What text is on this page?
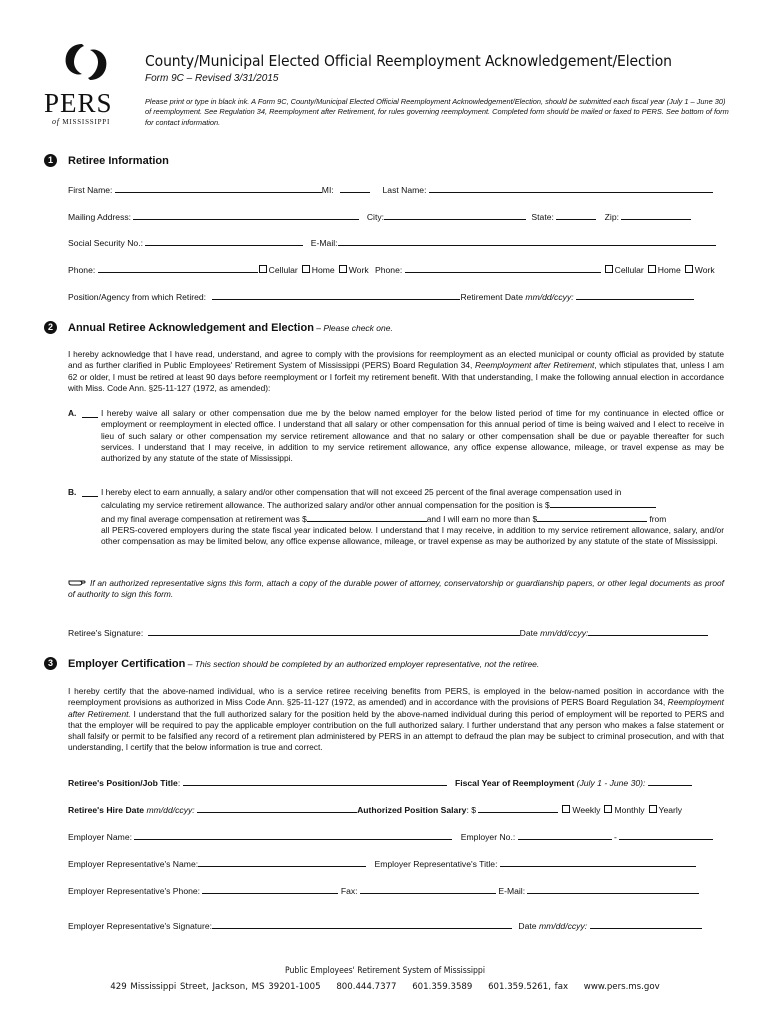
PERS
of MISSISSIPPI
County/Municipal Elected Official Reemployment Acknowledgement/Election
Form 9C – Revised 3/31/2015
Please print or type in black ink. A Form 9C, County/Municipal Elected Official Reemployment Acknowledgement/Election, should be submitted each fiscal year (July 1 – June 30) of reemployment. See Regulation 34, Reemployment after Retirement, for rules governing reemployment. Completed form should be mailed or faxed to PERS. See bottom of form for contact information.
1	Retiree Information
First Name:	MI:	Last Name:
Mailing Address:	City:	State:	Zip:
Social Security No.:	E-Mail:
Phone:	Cellular Home Work Phone:	Cellular Home Work
Position/Agency from which Retired:	Retirement Date mm/dd/ccyy:
2	Annual Retiree Acknowledgement and Election – Please check one.
I hereby acknowledge that I have read, understand, and agree to comply with the provisions for reemployment as an elected municipal or county official as provided by statute and as further clarified in Public Employees' Retirement System of Mississippi (PERS) Board Regulation 34, Reemployment after Retirement, which stipulates that, unless I am 62 or older, I must be retired at least 90 days before reemployment or I forfeit my retirement benefit. With that understanding, I make the following annual election in accordance with Miss. Code Ann. §25-11-127 (1972, as amended):
A.	I hereby waive all salary or other compensation due me by the below named employer for the below listed period of time for my continuance in elected office or employment or reemployment in elected office. I understand that all salary or other compensation for this annual period of time is being waived and I elect to receive in lieu of such salary or other compensation my service retirement allowance and that no salary or other compensation shall be due or payable thereafter for such services. I understand that I may receive, in addition to my service retirement allowance, any office expense allowance, mileage, or travel expense as may be authorized by any statute of the state of Mississippi.
B.	I hereby elect to earn annually, a salary and/or other compensation that will not exceed 25 percent of the final average compensation used in
calculating my service retirement allowance. The authorized salary and/or other annual compensation for the position is $
and my final average compensation at retirement was $	and I will earn no more than $	from
all PERS-covered employers during the state fiscal year indicated below. I understand that I may receive, in addition to my service retirement allowance, salary, and/or other compensation as may be limited below, any office expense allowance, mileage, or travel expense as may be authorized by any statute of the state of Mississippi.
If an authorized representative signs this form, attach a copy of the durable power of attorney, conservatorship or guardianship papers, or other legal documents as proof of authority to sign this form.
Retiree's Signature:	Date mm/dd/ccyy:
3	Employer Certification – This section should be completed by an authorized employer representative, not the retiree.
I hereby certify that the above-named individual, who is a service retiree receiving benefits from PERS, is employed in the below-named position in accordance with the reemployment provisions as authorized in Miss Code Ann. §25-11-127 (1972, as amended) and in accordance with the provisions of PERS Board Regulation 34, Reemployment after Retirement. I understand that the full authorized salary for the position held by the above-named individual during this period of employment will be reported to PERS and that the employer will be required to pay the applicable employer contribution on the full authorized salary. I further understand that any person who makes a false statement or shall falsify or permit to be falsified any record of a retirement plan administered by PERS in an attempt to defraud the plan may be subject to criminal prosecution, and with that understanding, I certify that the below information is true and correct.
Retiree's Position/Job Title:	Fiscal Year of Reemployment (July 1 - June 30):
Retiree's Hire Date mm/dd/ccyy:	Authorized Position Salary: $	Weekly Monthly Yearly
Employer Name:	Employer No.:	-
Employer Representative's Name:	Employer Representative's Title:
Employer Representative's Phone:	Fax:	E-Mail:
Employer Representative's Signature:	Date mm/dd/ccyy:
Public Employees' Retirement System of Mississippi
429 Mississippi Street, Jackson, MS 39201-1005 800.444.7377 601.359.3589 601.359.5261, fax www.pers.ms.gov
